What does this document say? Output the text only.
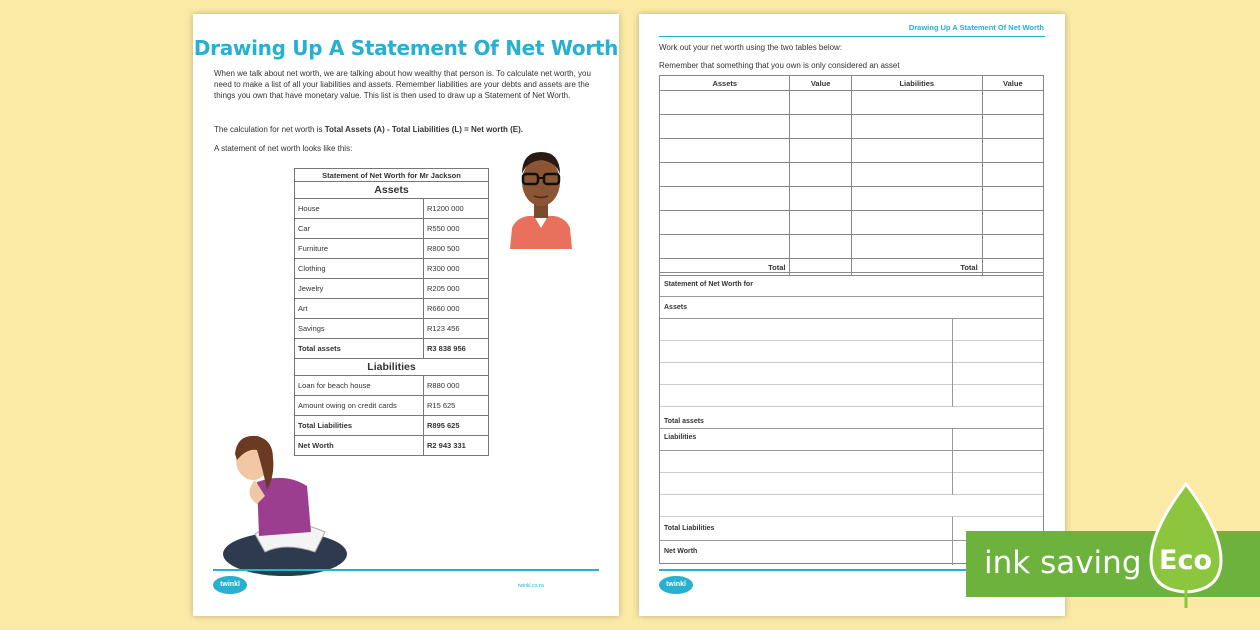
Drawing Up A Statement Of Net Worth
When we talk about net worth, we are talking about how wealthy that person is. To calculate net worth, you need to make a list of all your liabilities and assets. Remember liabilities are your debts and assets are the things you own that have monetary value. This list is then used to draw up a Statement of Net Worth.
The calculation for net worth is Total Assets (A) - Total Liabilities (L) = Net worth (E).
A statement of net worth looks like this:
Statement of Net Worth for Mr Jackson	
Assets	
House	R1200 000
Car	R550 000
Furniture	R800 500
Clothing	R300 000
Jewelry	R205 000
Art	R660 000
Savings	R123 456
Total assets	R3 838 956
Liabilities	
Loan for beach house	R880 000
Amount owing on credit cards	R15 625
Total Liabilities	R895 625
Net Worth	R2 943 331
twinkl	twinkl.co.za
Drawing Up A Statement Of Net Worth
Work out your net worth using the two tables below:
Remember that something that you own is only considered an asset
Assets	Value	Liabilities	Value

Total		Total	
Statement of Net Worth for
Assets
Total assets
Liabilities
Total Liabilities
Net Worth
twinkl
ink saving Eco
